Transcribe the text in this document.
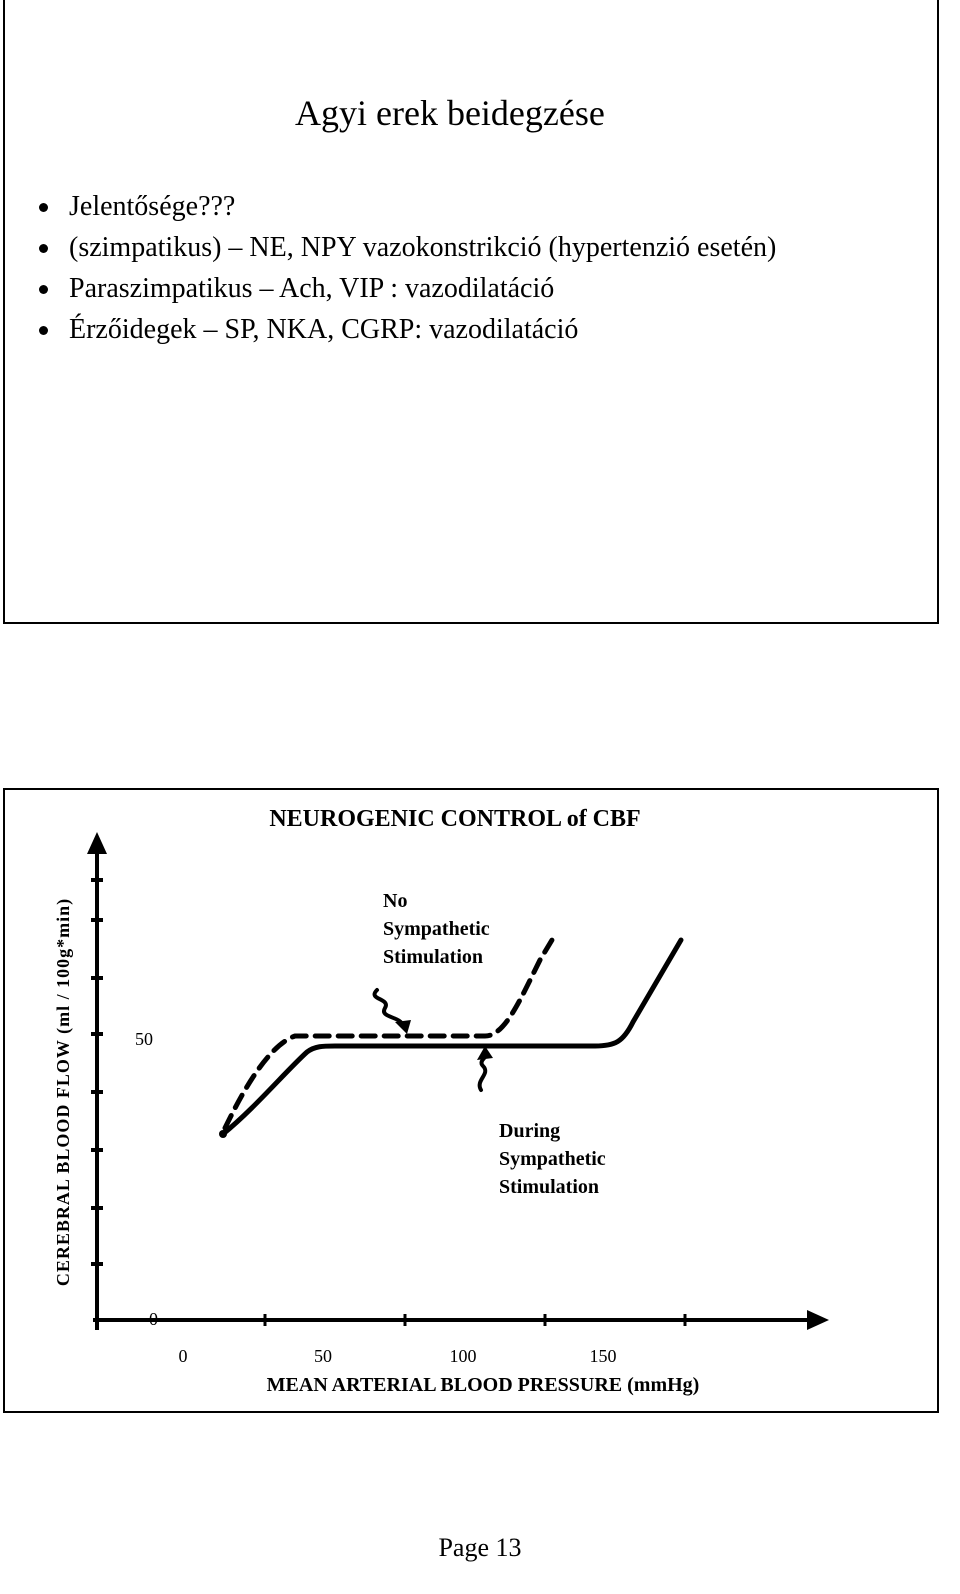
Agyi erek beidegzése
Jelentősége???
(szimpatikus) – NE, NPY vazokonstrikció (hypertenzió esetén)
Paraszimpatikus – Ach, VIP : vazodilatáció
Érzőidegek – SP, NKA, CGRP: vazodilatáció
NEUROGENIC CONTROL of CBF
CEREBRAL BLOOD FLOW (ml / 100g*min)	50
0
0	50	100	150
MEAN ARTERIAL BLOOD PRESSURE (mmHg)
No Sympathetic Stimulation
During Sympathetic Stimulation
Page 13
